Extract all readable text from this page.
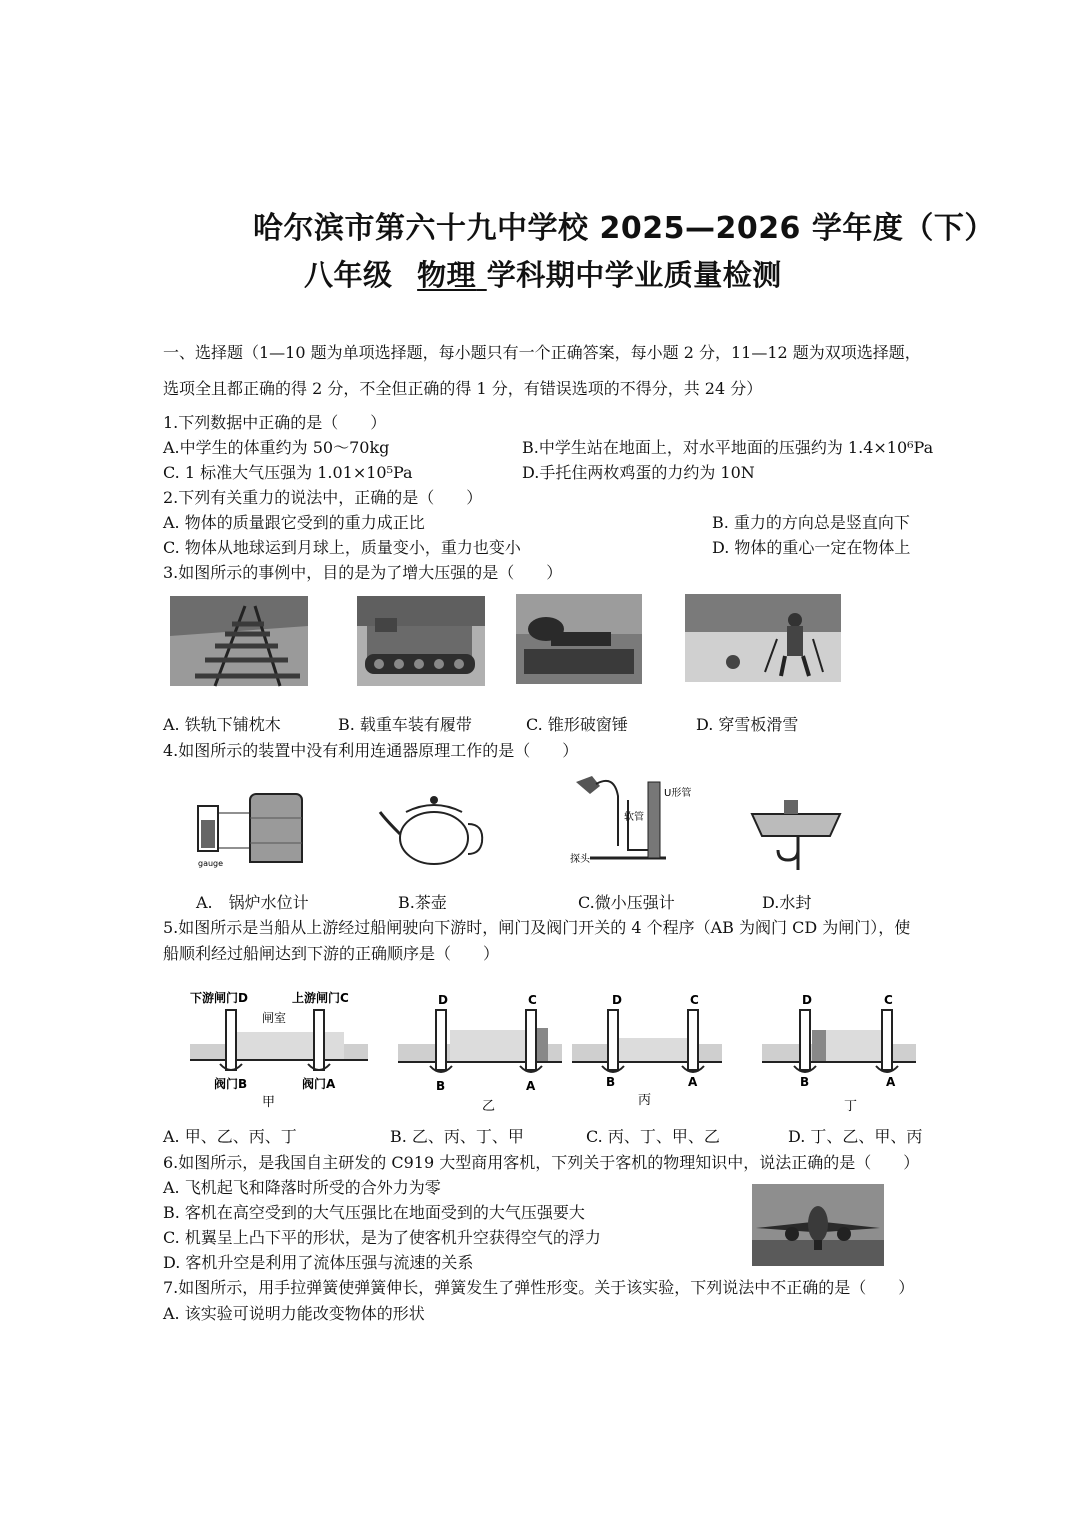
哈尔滨市第六十九中学校 2025—2026 学年度（下）
八年级 物理 学科期中学业质量检测
一、选择题（1—10 题为单项选择题，每小题只有一个正确答案，每小题 2 分，11—12 题为双项选择题，
选项全且都正确的得 2 分，不全但正确的得 1 分，有错误选项的不得分，共 24 分）
1.下列数据中正确的是（　　）
A.中学生的体重约为 50～70kg	B.中学生站在地面上，对水平地面的压强约为 1.4×10⁶Pa
C. 1 标准大气压强为 1.01×10⁵Pa	D.手托住两枚鸡蛋的力约为 10N
2.下列有关重力的说法中，正确的是（　　）
A. 物体的质量跟它受到的重力成正比	B. 重力的方向总是竖直向下
C. 物体从地球运到月球上，质量变小，重力也变小	D. 物体的重心一定在物体上
3.如图所示的事例中，目的是为了增大压强的是（　　）
A. 铁轨下铺枕木	B. 载重车装有履带	C. 锥形破窗锤	D. 穿雪板滑雪
4.如图所示的装置中没有利用连通器原理工作的是（　　）
gauge
软管
U形管
探头
A.　锅炉水位计	B.茶壶	C.微小压强计	D.水封
5.如图所示是当船从上游经过船闸驶向下游时，闸门及阀门开关的 4 个程序（AB 为阀门 CD 为闸门），使
船顺利经过船闸达到下游的正确顺序是（　　）
下游闸门D	上游闸门C
闸室
阀门B	阀门A
甲
D	C
B	A
乙
D	C
B	A
丙
D	C
B	A
丁
A. 甲、乙、丙、丁	B. 乙、丙、丁、甲	C. 丙、丁、甲、乙	D. 丁、乙、甲、丙
6.如图所示，是我国自主研发的 C919 大型商用客机，下列关于客机的物理知识中，说法正确的是（　　）
A. 飞机起飞和降落时所受的合外力为零
B. 客机在高空受到的大气压强比在地面受到的大气压强要大
C. 机翼呈上凸下平的形状，是为了使客机升空获得空气的浮力
D. 客机升空是利用了流体压强与流速的关系
7.如图所示，用手拉弹簧使弹簧伸长，弹簧发生了弹性形变。关于该实验，下列说法中不正确的是（　　）
A. 该实验可说明力能改变物体的形状
